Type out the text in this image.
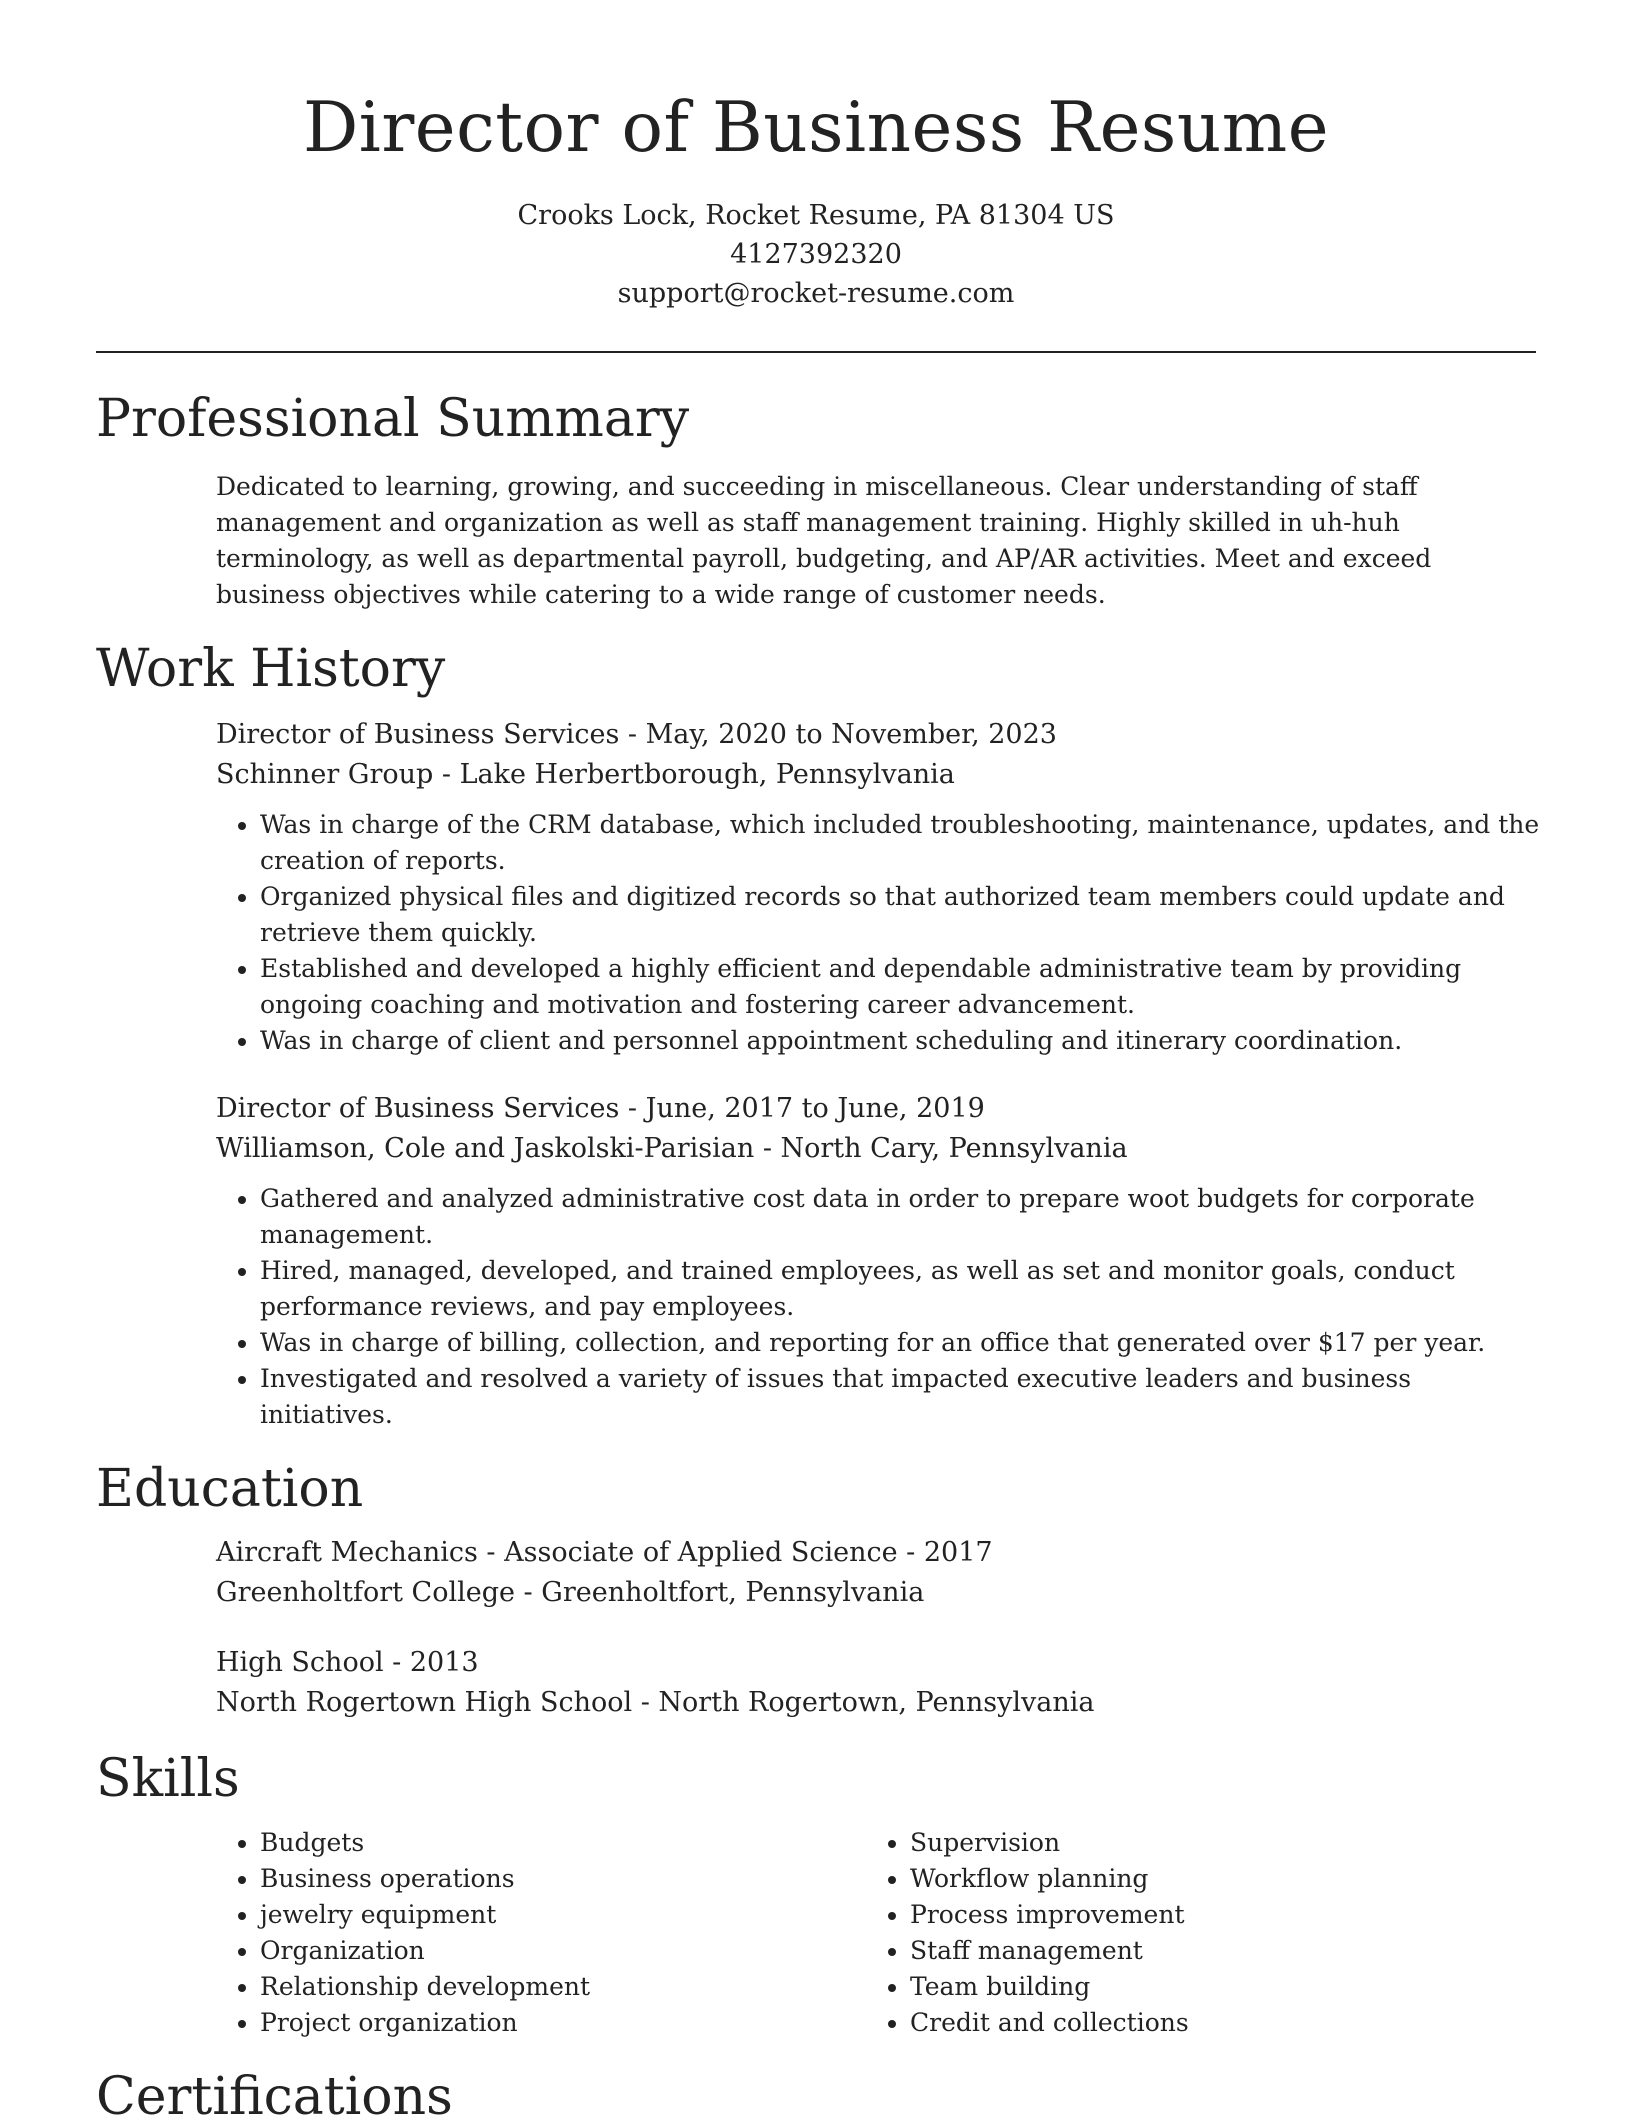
Director of Business Resume
Crooks Lock, Rocket Resume, PA 81304 US
4127392320
support@rocket-resume.com
Professional Summary
Dedicated to learning, growing, and succeeding in miscellaneous. Clear understanding of staff management and organization as well as staff management training. Highly skilled in uh-huh terminology, as well as departmental payroll, budgeting, and AP/AR activities. Meet and exceed business objectives while catering to a wide range of customer needs.
Work History
Director of Business Services - May, 2020 to November, 2023
Schinner Group - Lake Herbertborough, Pennsylvania
• Was in charge of the CRM database, which included troubleshooting, maintenance, updates, and the creation of reports.
• Organized physical files and digitized records so that authorized team members could update and retrieve them quickly.
• Established and developed a highly efficient and dependable administrative team by providing ongoing coaching and motivation and fostering career advancement.
• Was in charge of client and personnel appointment scheduling and itinerary coordination.
Director of Business Services - June, 2017 to June, 2019
Williamson, Cole and Jaskolski-Parisian - North Cary, Pennsylvania
• Gathered and analyzed administrative cost data in order to prepare woot budgets for corporate management.
• Hired, managed, developed, and trained employees, as well as set and monitor goals, conduct performance reviews, and pay employees.
• Was in charge of billing, collection, and reporting for an office that generated over $17 per year.
• Investigated and resolved a variety of issues that impacted executive leaders and business initiatives.
Education
Aircraft Mechanics - Associate of Applied Science - 2017
Greenholtfort College - Greenholtfort, Pennsylvania
High School - 2013
North Rogertown High School - North Rogertown, Pennsylvania
Skills
• Budgets
• Business operations
• jewelry equipment
• Organization
• Relationship development
• Project organization
• Supervision
• Workflow planning
• Process improvement
• Staff management
• Team building
• Credit and collections
Certifications
